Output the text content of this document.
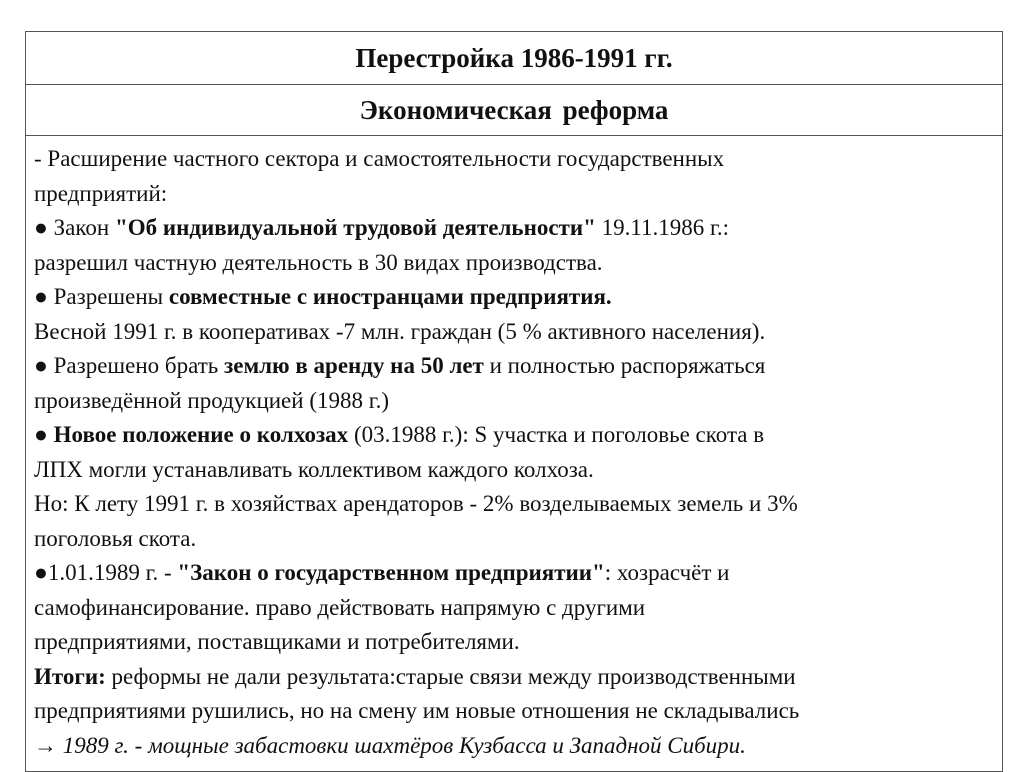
Перестройка 1986-1991 гг.
Экономическая реформа
- Расширение частного сектора и самостоятельности государственных
предприятий:
● Закон "Об индивидуальной трудовой деятельности" 19.11.1986 г.:
разрешил частную деятельность в 30 видах производства.
● Разрешены совместные с иностранцами предприятия.
Весной 1991 г. в кооперативах -7 млн. граждан (5 % активного населения).
● Разрешено брать землю в аренду на 50 лет и полностью распоряжаться
произведённой продукцией (1988 г.)
● Новое положение о колхозах (03.1988 г.): S участка и поголовье скота в
ЛПХ могли устанавливать коллективом каждого колхоза.
Но: К лету 1991 г. в хозяйствах арендаторов - 2% возделываемых земель и 3%
поголовья скота.
●1.01.1989 г. - "Закон о государственном предприятии": хозрасчёт и
самофинансирование. право действовать напрямую с другими
предприятиями, поставщиками и потребителями.
Итоги: реформы не дали результата:старые связи между производственными
предприятиями рушились, но на смену им новые отношения не складывались
→ 1989 г. - мощные забастовки шахтёров Кузбасса и Западной Сибири.
